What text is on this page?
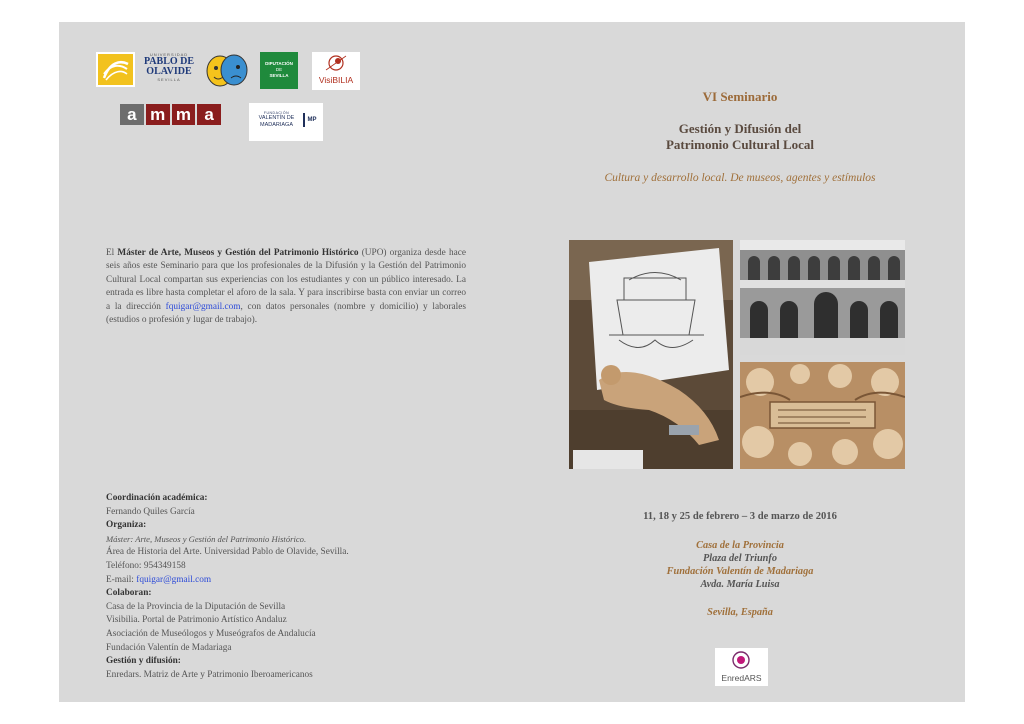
UNIVERSIDAD
PABLO DE
OLAVIDE
SEVILLA
DIPUTACIÓN
DE
SEVILLA	VisiBILIA
a m m a	FUNDACIÓN
VALENTÍN DE
MADARIAGA
MP
VI Seminario
Gestión y Difusión del
Patrimonio Cultural Local
Cultura y desarrollo local. De museos, agentes y estímulos
El Máster de Arte, Museos y Gestión del Patrimonio Histórico (UPO) organiza desde hace seis años este Seminario para que los profesionales de la Difusión y la Gestión del Patrimonio Cultural Local compartan sus experiencias con los estudiantes y con un público interesado. La entrada es libre hasta completar el aforo de la sala. Y para inscribirse basta con enviar un correo a la dirección fquigar@gmail.com, con datos personales (nombre y domicilio) y laborales (estudios o profesión y lugar de trabajo).
Coordinación académica:
Fernando Quiles García
Organiza:
Máster: Arte, Museos y Gestión del Patrimonio Histórico.
Área de Historia del Arte. Universidad Pablo de Olavide, Sevilla.
Teléfono: 954349158
E-mail: fquigar@gmail.com
Colaboran:
Casa de la Provincia de la Diputación de Sevilla
Visibilia. Portal de Patrimonio Artístico Andaluz
Asociación de Museólogos y Museógrafos de Andalucía
Fundación Valentín de Madariaga
Gestión y difusión:
Enredars. Matriz de Arte y Patrimonio Iberoamericanos
11, 18 y 25 de febrero – 3 de marzo de 2016
Casa de la Provincia
Plaza del Triunfo
Fundación Valentín de Madariaga
Avda. María Luisa
Sevilla, España
EnredARS
